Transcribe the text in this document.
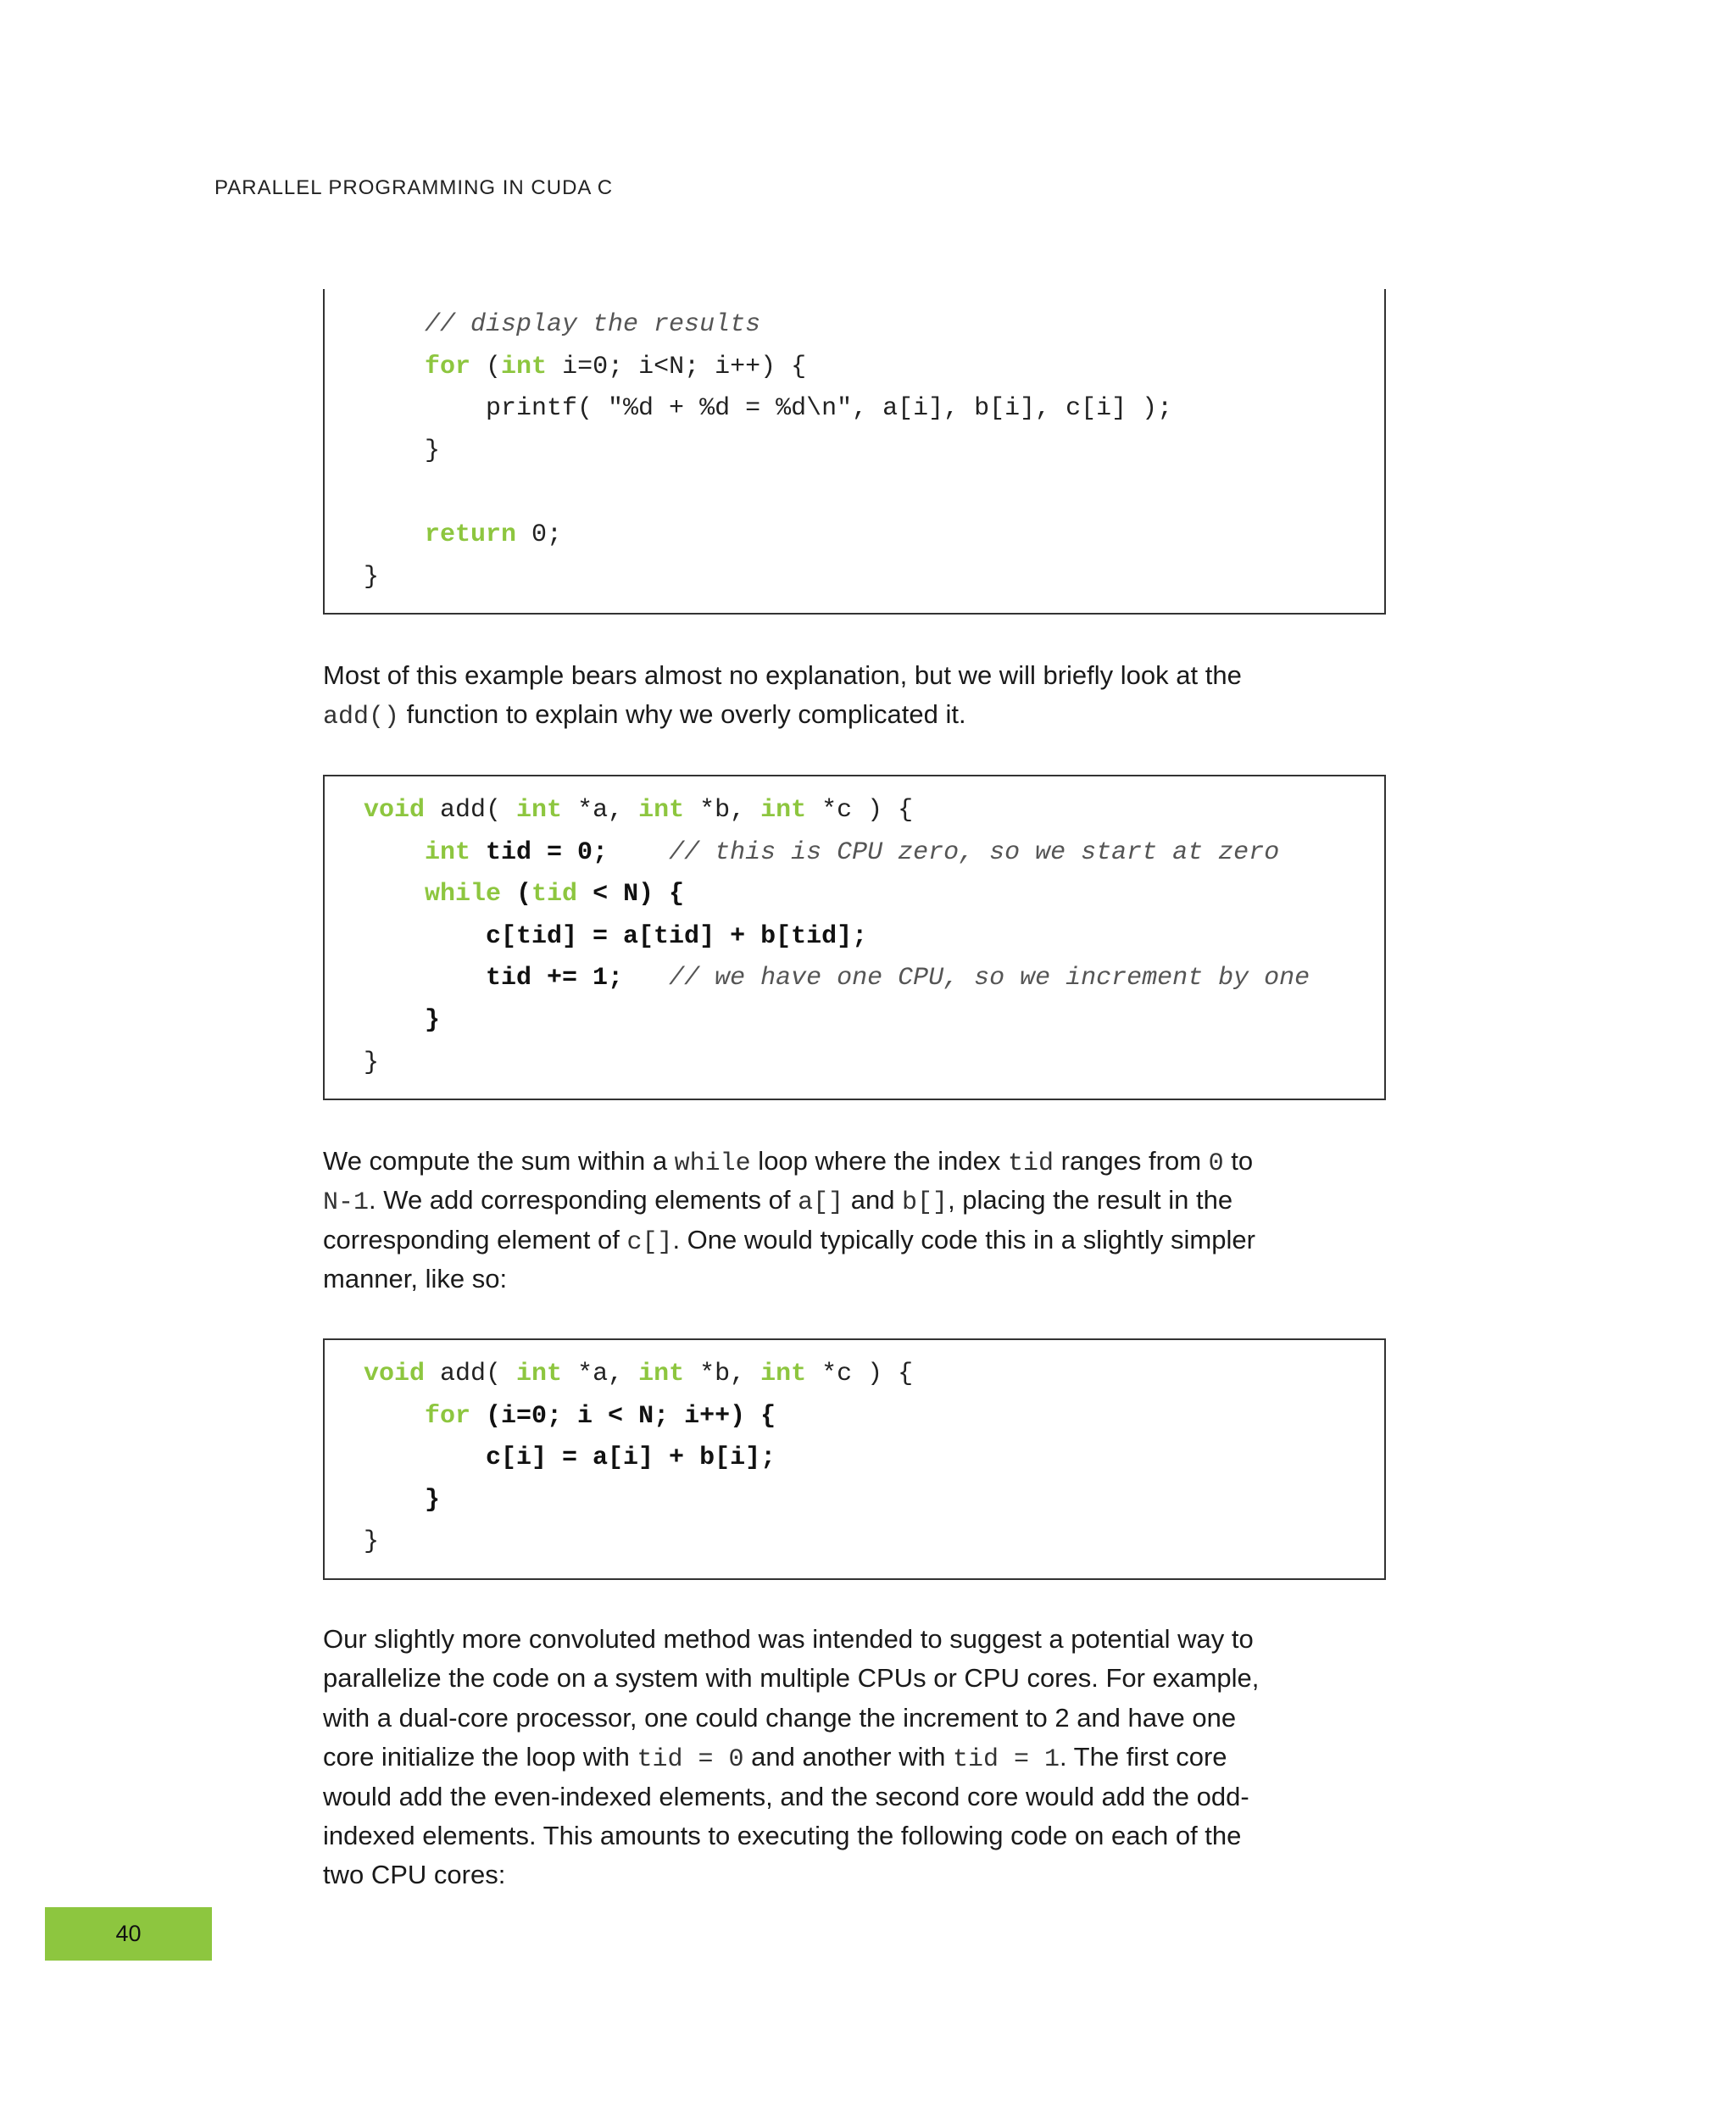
PARALLEL PROGRAMMING IN CUDA C
// display the results
for (int i=0; i<N; i++) {
printf( "%d + %d = %d\n", a[i], b[i], c[i] );
}
return 0;
}
Most of this example bears almost no explanation, but we will briefly look at the
add() function to explain why we overly complicated it.
void add( int *a, int *b, int *c ) {
int tid = 0;    // this is CPU zero, so we start at zero
while (tid < N) {
c[tid] = a[tid] + b[tid];
tid += 1;   // we have one CPU, so we increment by one
}
}
We compute the sum within a while loop where the index tid ranges from 0 to
N-1. We add corresponding elements of a[] and b[], placing the result in the
corresponding element of c[]. One would typically code this in a slightly simpler
manner, like so:
void add( int *a, int *b, int *c ) {
for (i=0; i < N; i++) {
c[i] = a[i] + b[i];
}
}
Our slightly more convoluted method was intended to suggest a potential way to
parallelize the code on a system with multiple CPUs or CPU cores. For example,
with a dual-core processor, one could change the increment to 2 and have one
core initialize the loop with tid = 0 and another with tid = 1. The first core
would add the even-indexed elements, and the second core would add the odd-
indexed elements. This amounts to executing the following code on each of the
two CPU cores:
40
